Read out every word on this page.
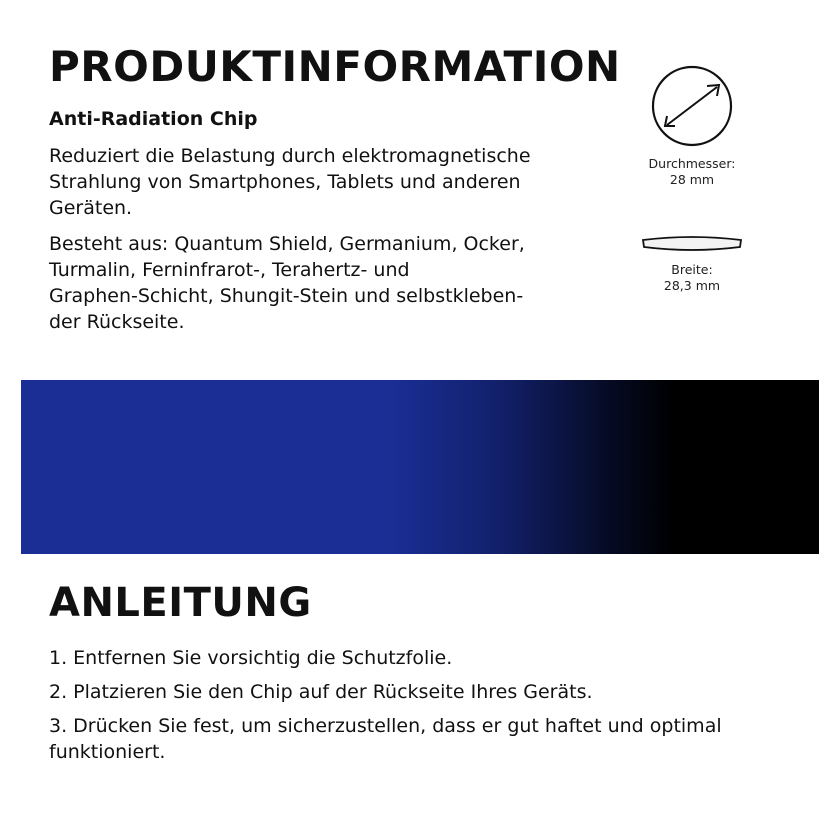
PRODUKTINFORMATION

Anti-Radiation Chip

Reduziert die Belastung durch elektromagnetische Strahlung von Smartphones, Tablets und anderen Geräten.

Besteht aus: Quantum Shield, Germanium, Ocker,
Turmalin, Ferninfrarot-, Terahertz- und
Graphen-Schicht, Shungit-Stein und selbstkleben-
der Rückseite.

Durchmesser:
28 mm
Breite:
28,3 mm
ANLEITUNG
1. Entfernen Sie vorsichtig die Schutzfolie.
2. Platzieren Sie den Chip auf der Rückseite Ihres Geräts.
3. Drücken Sie fest, um sicherzustellen, dass er gut haftet und optimal funktioniert.
